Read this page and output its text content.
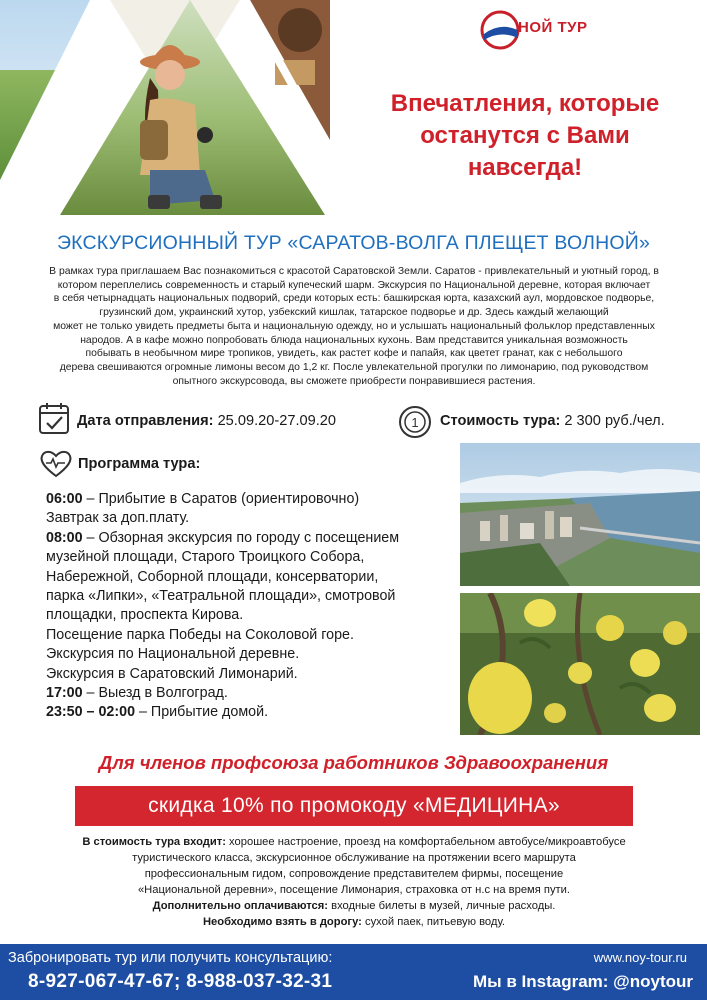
НОЙ ТУР
Впечатления, которые
останутся с Вами
навсегда!
ЭКСКУРСИОННЫЙ ТУР «САРАТОВ-ВОЛГА ПЛЕЩЕТ ВОЛНОЙ»
В рамках тура приглашаем Вас познакомиться с красотой Саратовской Земли. Саратов - привлекательный и уютный город, в
котором переплелись современность и старый купеческий шарм. Экскурсия по Национальной деревне, которая включает
в себя четырнадцать национальных подворий, среди которых есть: башкирская юрта, казахский аул, мордовское подворье,
грузинский дом, украинский хутор, узбекский кишлак, татарское подворье и др. Здесь каждый желающий
может не только увидеть предметы быта и национальную одежду, но и услышать национальный фольклор представленных
народов. А в кафе можно попробовать блюда национальных кухонь. Вам представится уникальная возможность
побывать в необычном мире тропиков, увидеть, как растет кофе и папайя, как цветет гранат, как с небольшого
дерева свешиваются огромные лимоны весом до 1,2 кг. После увлекательной прогулки по лимонарию, под руководством
опытного экскурсовода, вы сможете приобрести понравившиеся растения.
Дата отправления: 25.09.20-27.09.20	1 Стоимость тура: 2 300 руб./чел.
Программа тура:
06:00 – Прибытие в Саратов (ориентировочно)
Завтрак за доп.плату.
08:00 – Обзорная экскурсия по городу с посещением
музейной площади, Старого Троицкого Собора,
Набережной, Соборной площади, консерватории,
парка «Липки», «Театральной площади», смотровой
площадки, проспекта Кирова.
Посещение парка Победы на Соколовой горе.
Экскурсия по Национальной деревне.
Экскурсия в Саратовский Лимонарий.
17:00 – Выезд в Волгоград.
23:50 – 02:00 – Прибытие домой.
Для членов профсоюза работников Здравоохранения
скидка 10% по промокоду «МЕДИЦИНА»
В стоимость тура входит: хорошее настроение, проезд на комфортабельном автобусе/микроавтобусе
туристического класса, экскурсионное обслуживание на протяжении всего маршрута
профессиональным гидом, сопровождение представителем фирмы, посещение
«Национальной деревни», посещение Лимонария, страховка от н.с на время пути.
Дополнительно оплачиваются: входные билеты в музей, личные расходы.
Необходимо взять в дорогу: сухой паек, питьевую воду.
Забронировать тур или получить консультацию:	www.noy-tour.ru
8-927-067-47-67; 8-988-037-32-31	Мы в Instagram: @noytour
